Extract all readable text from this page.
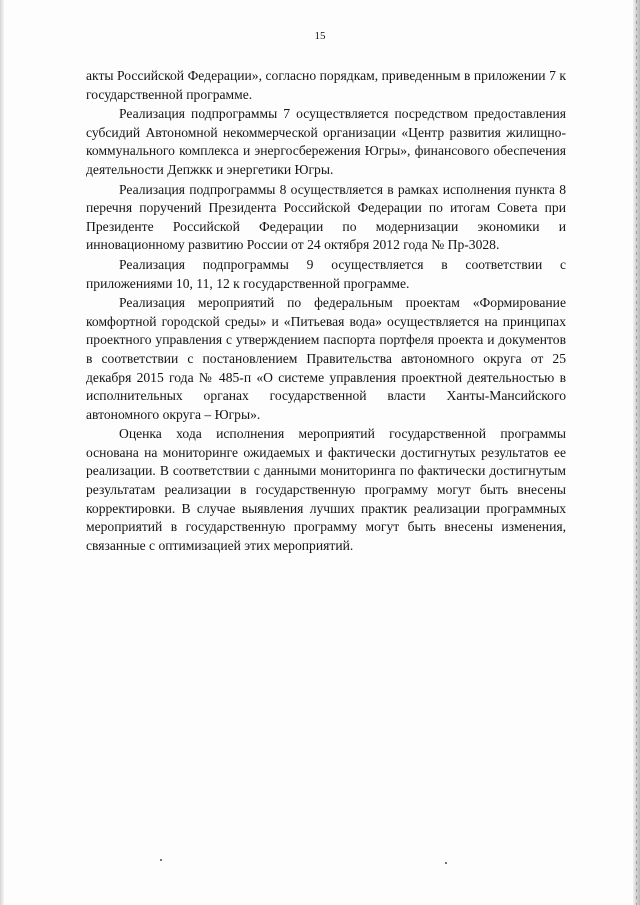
15

акты Российской Федерации», согласно порядкам, приведенным в приложении 7 к государственной программе.

Реализация подпрограммы 7 осуществляется посредством предоставления субсидий Автономной некоммерческой организации «Центр развития жилищно-коммунального комплекса и энергосбережения Югры», финансового обеспечения деятельности Депжкк и энергетики Югры.

Реализация подпрограммы 8 осуществляется в рамках исполнения пункта 8 перечня поручений Президента Российской Федерации по итогам Совета при Президенте Российской Федерации по модернизации экономики и инновационному развитию России от 24 октября 2012 года № Пр-3028.

Реализация подпрограммы 9 осуществляется в соответствии с приложениями 10, 11, 12 к государственной программе.

Реализация мероприятий по федеральным проектам «Формирование комфортной городской среды» и «Питьевая вода» осуществляется на принципах проектного управления с утверждением паспорта портфеля проекта и документов в соответствии с постановлением Правительства автономного округа от 25 декабря 2015 года № 485-п «О системе управления проектной деятельностью в исполнительных органах государственной власти Ханты-Мансийского автономного округа – Югры».

Оценка хода исполнения мероприятий государственной программы основана на мониторинге ожидаемых и фактически достигнутых результатов ее реализации. В соответствии с данными мониторинга по фактически достигнутым результатам реализации в государственную программу могут быть внесены корректировки. В случае выявления лучших практик реализации программных мероприятий в государственную программу могут быть внесены изменения, связанные с оптимизацией этих мероприятий.
